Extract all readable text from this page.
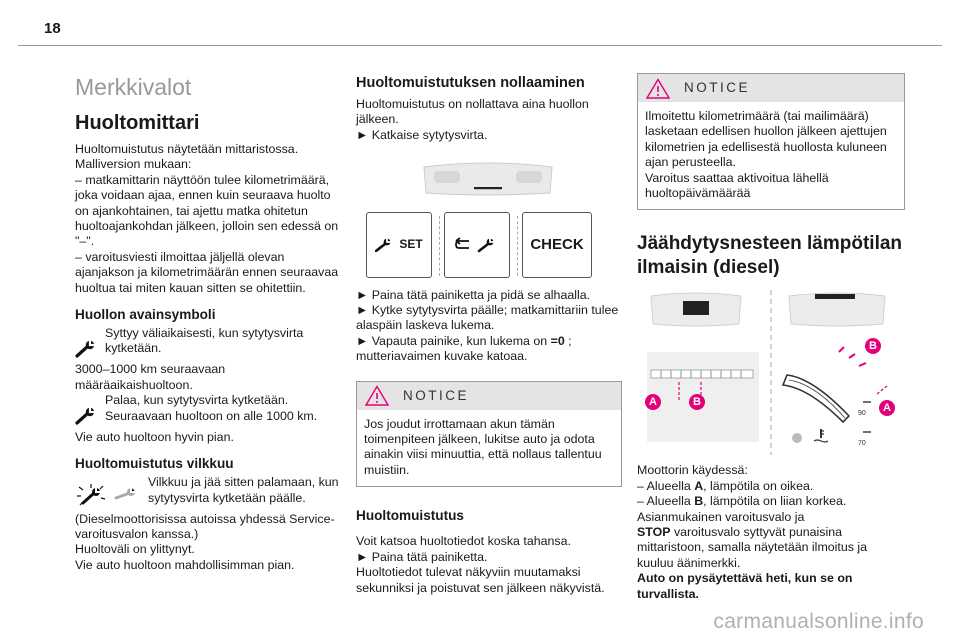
18
Merkkivalot
Huoltomittari

Huoltomuistutus näytetään mittaristossa. Malliversion mukaan:

– matkamittarin näyttöön tulee kilometrimäärä, joka voidaan ajaa, ennen kuin seuraava huolto on ajankohtainen, tai ajettu matka ohitetun huoltoajankohdan jälkeen, jolloin sen edessä on "–".

– varoitusviesti ilmoittaa jäljellä olevan ajanjakson ja kilometrimäärän ennen seuraavaa huoltua tai miten kauan sitten se ohitettiin.

Huollon avainsymboli

Syttyy väliaikaisesti, kun sytytysvirta kytketään.

3000–1000 km seuraavaan määräaikaishuoltoon.

Palaa, kun sytytysvirta kytketään. Seuraavaan huoltoon on alle 1000 km.

Vie auto huoltoon hyvin pian.

Huoltomuistutus vilkkuu

Vilkkuu ja jää sitten palamaan, kun sytytysvirta kytketään päälle.

(Dieselmoottorisissa autoissa yhdessä Service-varoitusvalon kanssa.)

Huoltoväli on ylittynyt.

Vie auto huoltoon mahdollisimman pian.

Huoltomuistutuksen nollaaminen

Huoltomuistutus on nollattava aina huollon jälkeen.

► Katkaise sytytysvirta.

SET	CHECK

► Paina tätä painiketta ja pidä se alhaalla.

► Kytke sytytysvirta päälle; matkamittariin tulee alaspäin laskeva lukema.

► Vapauta painike, kun lukema on =0 ; mutteriavaimen kuvake katoaa.

NOTICE
Jos joudut irrottamaan akun tämän toimenpiteen jälkeen, lukitse auto ja odota ainakin viisi minuuttia, että nollaus tallentuu muistiin.
Huoltomuistutus

Voit katsoa huoltotiedot koska tahansa.

► Paina tätä painiketta.

Huoltotiedot tulevat näkyviin muutamaksi sekunniksi ja poistuvat sen jälkeen näkyvistä.

NOTICE

Ilmoitettu kilometrimäärä (tai mailimäärä) lasketaan edellisen huollon jälkeen ajettujen kilometrien ja edellisestä huollosta kuluneen ajan perusteella.

Varoitus saattaa aktivoitua lähellä huoltopäivämäärää

Jäähdytysnesteen lämpötilan ilmaisin (diesel)
A	B
B
A
90
70

Moottorin käydessä:

– Alueella A, lämpötila on oikea.

– Alueella B, lämpötila on liian korkea.

Asianmukainen varoitusvalo ja

STOP varoitusvalo syttyvät punaisina mittaristoon, samalla näytetään ilmoitus ja kuuluu äänimerkki.

Auto on pysäytettävä heti, kun se on turvallista.

carmanualsonline.info
